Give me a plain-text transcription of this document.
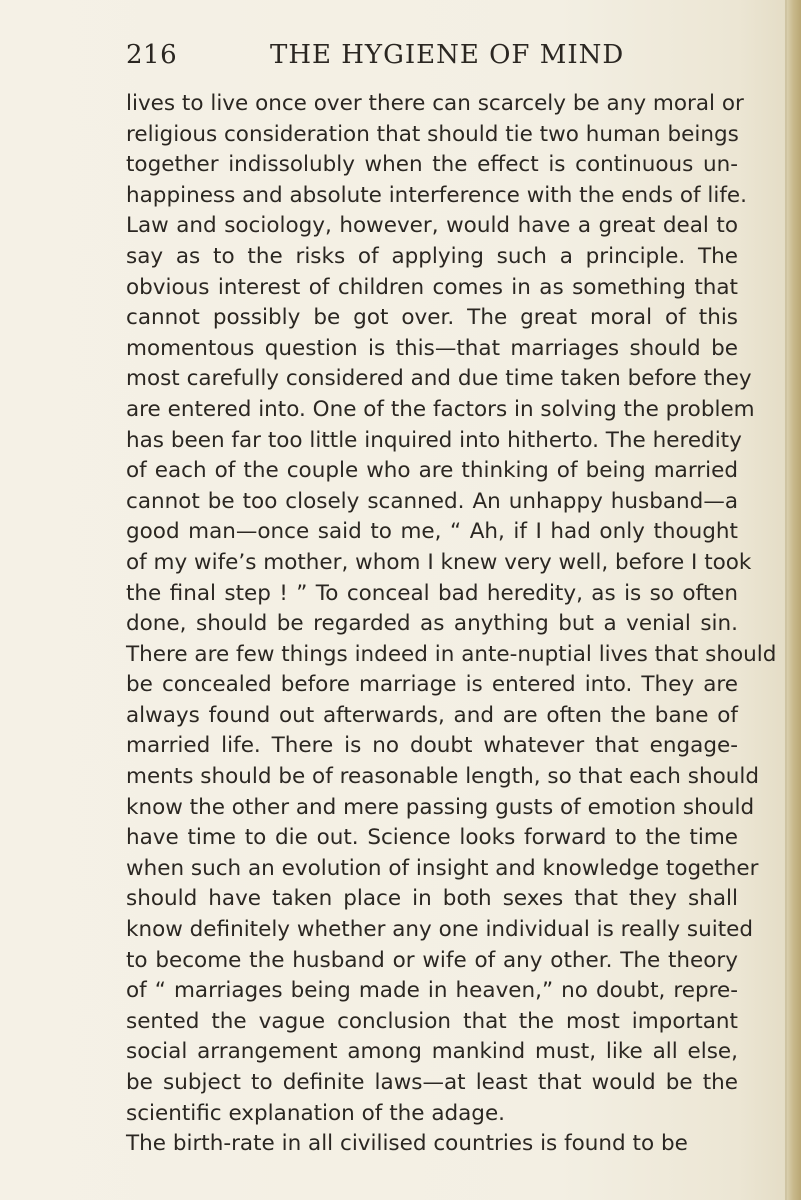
216	THE HYGIENE OF MIND
lives to live once over there can scarcely be any moral or
religious consideration that should tie two human beings
together indissolubly when the effect is continuous un-
happiness and absolute interference with the ends of life.
Law and sociology, however, would have a great deal to
say as to the risks of applying such a principle. The
obvious interest of children comes in as something that
cannot possibly be got over. The great moral of this
momentous question is this—that marriages should be
most carefully considered and due time taken before they
are entered into. One of the factors in solving the problem
has been far too little inquired into hitherto. The heredity
of each of the couple who are thinking of being married
cannot be too closely scanned. An unhappy husband—a
good man—once said to me, “ Ah, if I had only thought
of my wife’s mother, whom I knew very well, before I took
the final step ! ” To conceal bad heredity, as is so often
done, should be regarded as anything but a venial sin.
There are few things indeed in ante-nuptial lives that should
be concealed before marriage is entered into. They are
always found out afterwards, and are often the bane of
married life. There is no doubt whatever that engage-
ments should be of reasonable length, so that each should
know the other and mere passing gusts of emotion should
have time to die out. Science looks forward to the time
when such an evolution of insight and knowledge together
should have taken place in both sexes that they shall
know definitely whether any one individual is really suited
to become the husband or wife of any other. The theory
of “ marriages being made in heaven,” no doubt, repre-
sented the vague conclusion that the most important
social arrangement among mankind must, like all else,
be subject to definite laws—at least that would be the
scientific explanation of the adage.
The birth-rate in all civilised countries is found to be
